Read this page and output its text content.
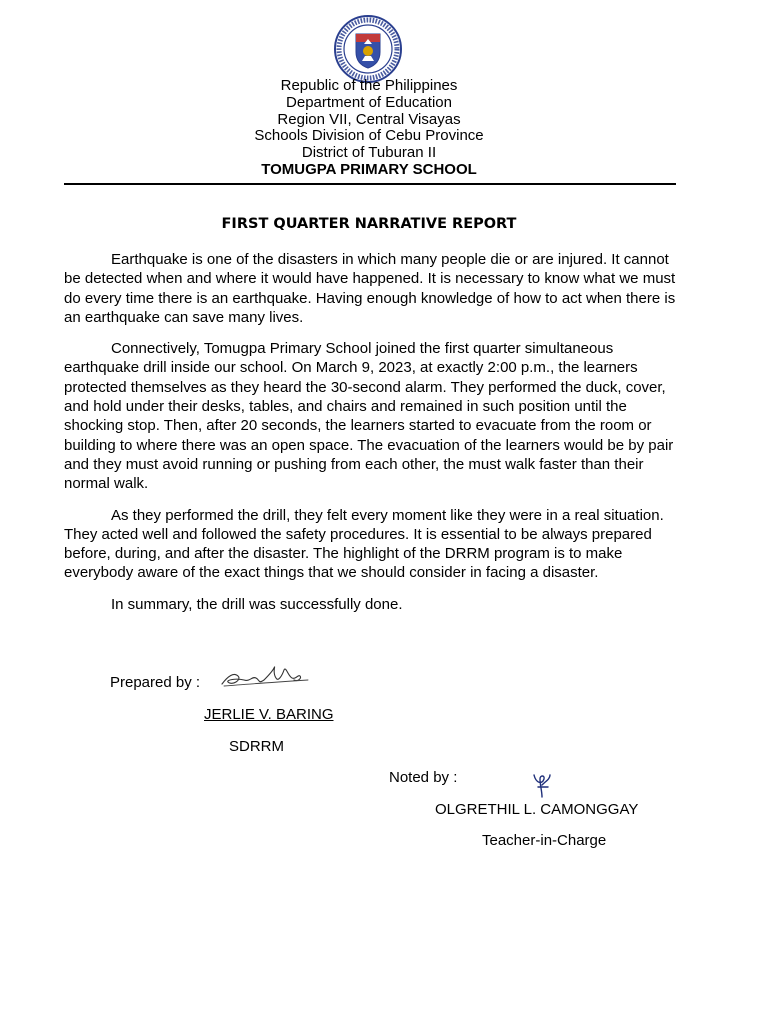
Republic of the Philippines
Department of Education
Region VII, Central Visayas
Schools Division of Cebu Province
District of Tuburan II
TOMUGPA PRIMARY SCHOOL
FIRST QUARTER NARRATIVE REPORT

Earthquake is one of the disasters in which many people die or are injured. It cannot be detected when and where it would have happened. It is necessary to know what we must do every time there is an earthquake. Having enough knowledge of how to act when there is an earthquake can save many lives.

Connectively, Tomugpa Primary School joined the first quarter simultaneous earthquake drill inside our school. On March 9, 2023, at exactly 2:00 p.m., the learners protected themselves as they heard the 30-second alarm. They performed the duck, cover, and hold under their desks, tables, and chairs and remained in such position until the shocking stop. Then, after 20 seconds, the learners started to evacuate from the room or building to where there was an open space. The evacuation of the learners would be by pair and they must avoid running or pushing from each other, the must walk faster than their normal walk.

As they performed the drill, they felt every moment like they were in a real situation. They acted well and followed the safety procedures. It is essential to be always prepared before, during, and after the disaster. The highlight of the DRRM program is to make everybody aware of the exact things that we should consider in facing a disaster.

In summary, the drill was successfully done.

Prepared by :
JERLIE V. BARING
SDRRM
Noted by :
OLGRETHIL L. CAMONGGAY
Teacher-in-Charge
